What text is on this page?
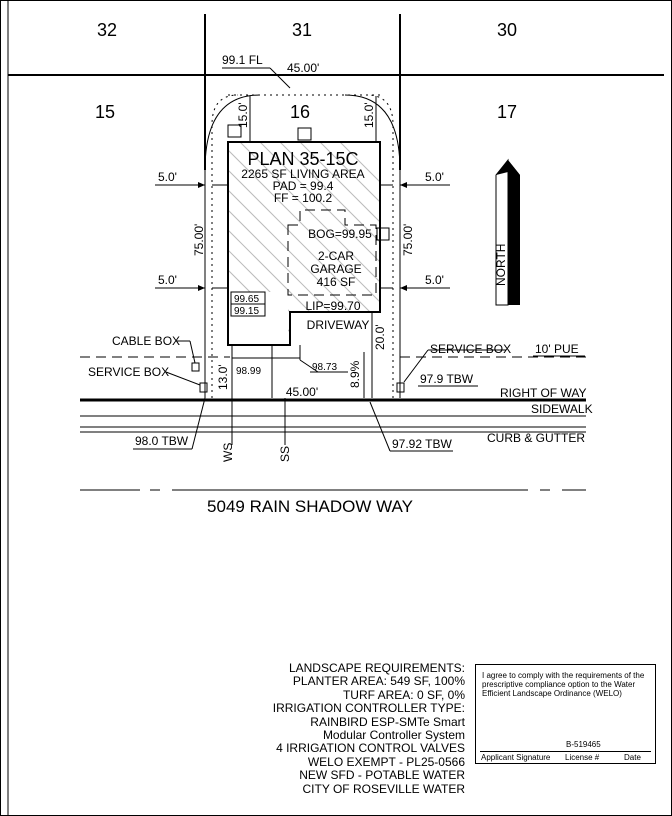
32	31	30
15	16	17
99.1 FL
45.00'
15.0'	15.0'
PLAN 35-15C
2265 SF LIVING AREA
PAD = 99.4
FF = 100.2
BOG=99.95
2-CAR
GARAGE
416 SF
LIP=99.70
99.65
99.15
98.99	98.73
DRIVEWAY 20.0'
8.9%
5.0'
5.0'
5.0'
5.0'
75.00'	75.00'
NORTH
10' PUE
CABLE BOX
SERVICE BOX
SERVICE BOX
13.0'
45.00'
97.9 TBW
RIGHT OF WAY
SIDEWALK
CURB & GUTTER
WS	SS
98.0 TBW	97.92 TBW
5049 RAIN SHADOW WAY
LANDSCAPE REQUIREMENTS:
PLANTER AREA: 549 SF, 100%
TURF AREA: 0 SF, 0%
IRRIGATION CONTROLLER TYPE:
RAINBIRD ESP-SMTe Smart
Modular Controller System
4 IRRIGATION CONTROL VALVES
WELO EXEMPT - PL25-0566
NEW SFD - POTABLE WATER
CITY OF ROSEVILLE WATER
I agree to comply with the requirements of the prescriptive compliance option to the Water Efficient Landscape Ordinance (WELO)
B-519465
Applicant Signature License #	Date
